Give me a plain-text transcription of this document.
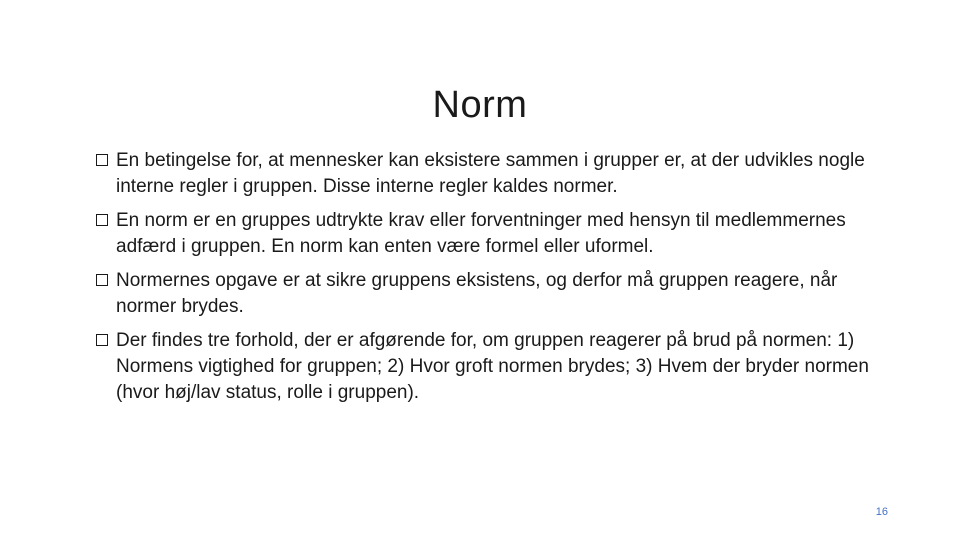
Norm
En betingelse for, at mennesker kan eksistere sammen i grupper er, at der udvikles nogle interne regler i gruppen. Disse interne regler kaldes normer.
En norm er en gruppes udtrykte krav eller forventninger med hensyn til medlemmernes adfærd i gruppen. En norm kan enten være formel eller uformel.
Normernes opgave er at sikre gruppens eksistens, og derfor må gruppen reagere, når normer brydes.
Der findes tre forhold, der er afgørende for, om gruppen reagerer på brud på normen: 1) Normens vigtighed for gruppen; 2) Hvor groft normen brydes; 3) Hvem der bryder normen (hvor høj/lav status, rolle i gruppen).
16
